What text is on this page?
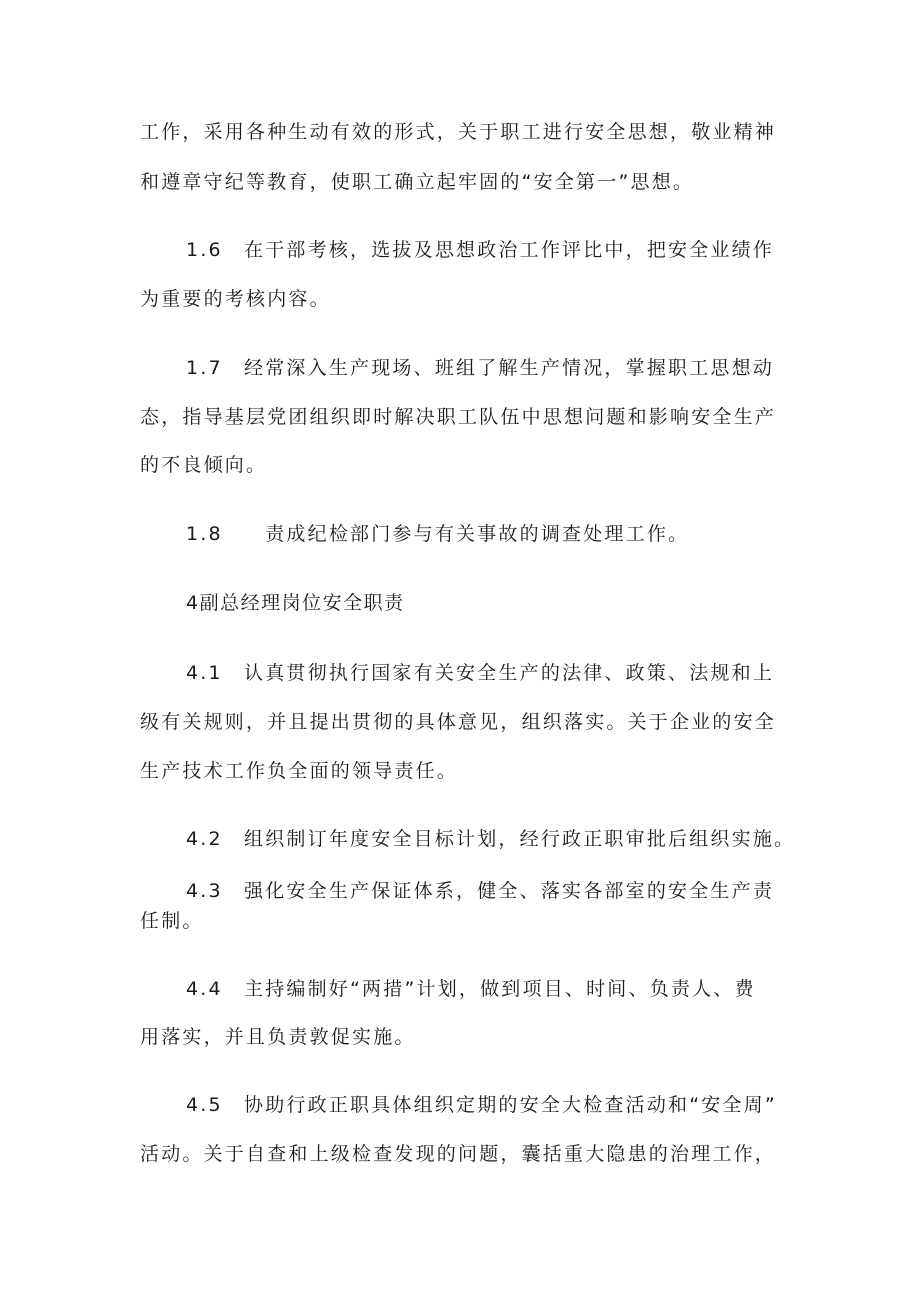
工作，采用各种生动有效的形式，关于职工进行安全思想，敬业精神
和遵章守纪等教育，使职工确立起牢固的“安全第一”思想。
1.6　在干部考核，选拔及思想政治工作评比中，把安全业绩作
为重要的考核内容。
1.7　经常深入生产现场、班组了解生产情况，掌握职工思想动
态，指导基层党团组织即时解决职工队伍中思想问题和影响安全生产
的不良倾向。
1.8　　责成纪检部门参与有关事故的调查处理工作。
4副总经理岗位安全职责
4.1　认真贯彻执行国家有关安全生产的法律、政策、法规和上
级有关规则，并且提出贯彻的具体意见，组织落实。关于企业的安全
生产技术工作负全面的领导责任。
4.2　组织制订年度安全目标计划，经行政正职审批后组织实施。
4.3　强化安全生产保证体系，健全、落实各部室的安全生产责
任制。
4.4　主持编制好“两措”计划，做到项目、时间、负责人、费
用落实，并且负责敦促实施。
4.5　协助行政正职具体组织定期的安全大检查活动和“安全周”
活动。关于自查和上级检查发现的问题，囊括重大隐患的治理工作，
